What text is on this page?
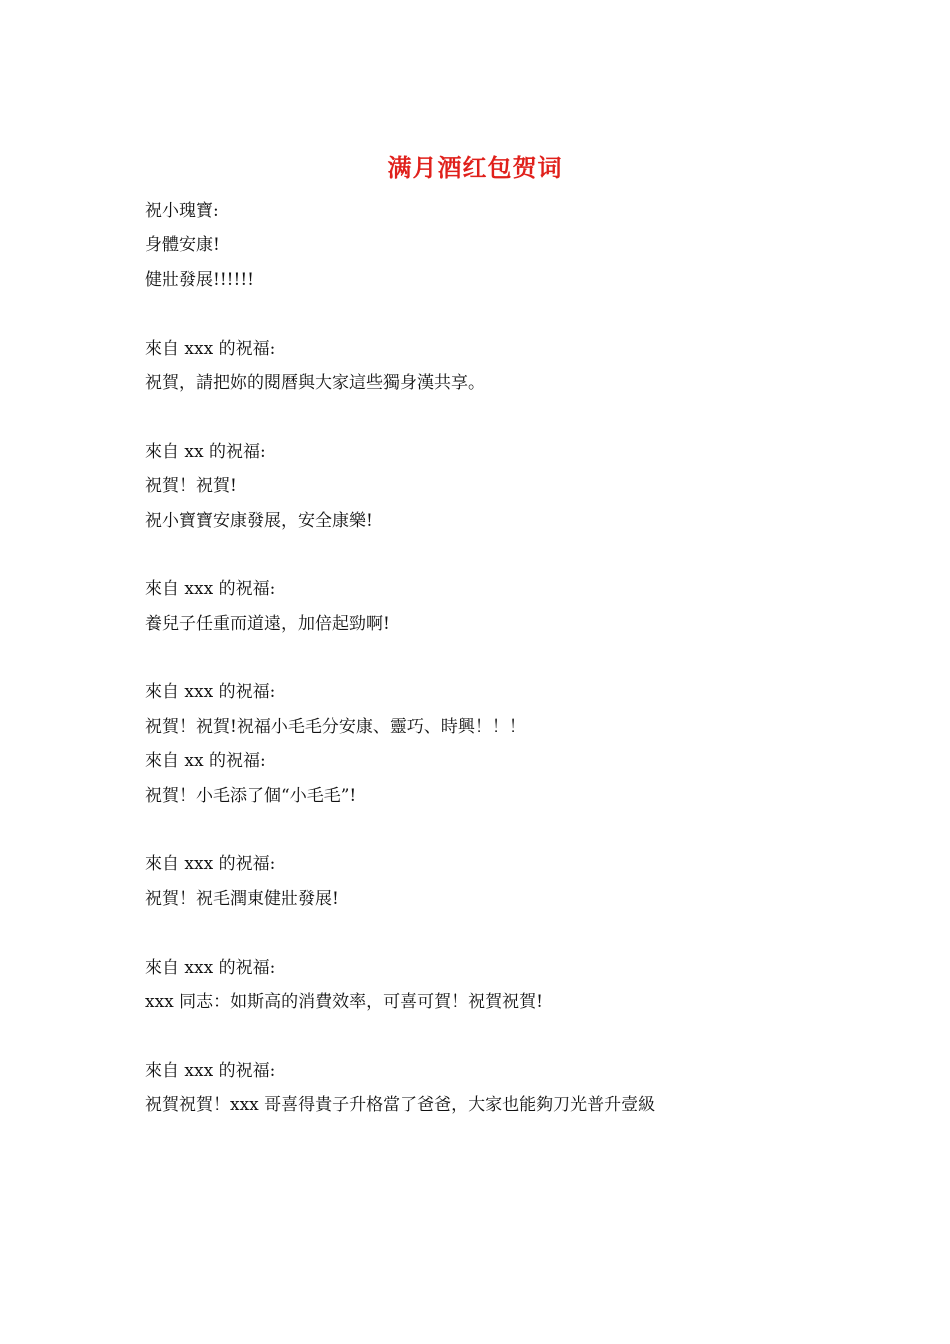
满月酒红包贺词
祝小瑰寶:
身體安康!
健壯發展!!!!!!
來自 xxx 的祝福:
祝賀，請把妳的閱曆與大家這些獨身漢共享。
來自 xx 的祝福:
祝賀！祝賀!
祝小寶寶安康發展，安全康樂!
來自 xxx 的祝福:
養兒子任重而道遠，加倍起勁啊!
來自 xxx 的祝福:
祝賀！祝賀!祝福小毛毛分安康、靈巧、時興！！！
來自 xx 的祝福:
祝賀！小毛添了個“小毛毛”!
來自 xxx 的祝福:
祝賀！祝毛潤東健壯發展!
來自 xxx 的祝福:
xxx 同志：如斯高的消費效率，可喜可賀！祝賀祝賀!
來自 xxx 的祝福:
祝賀祝賀！xxx 哥喜得貴子升格當了爸爸，大家也能夠刀光普升壹級
